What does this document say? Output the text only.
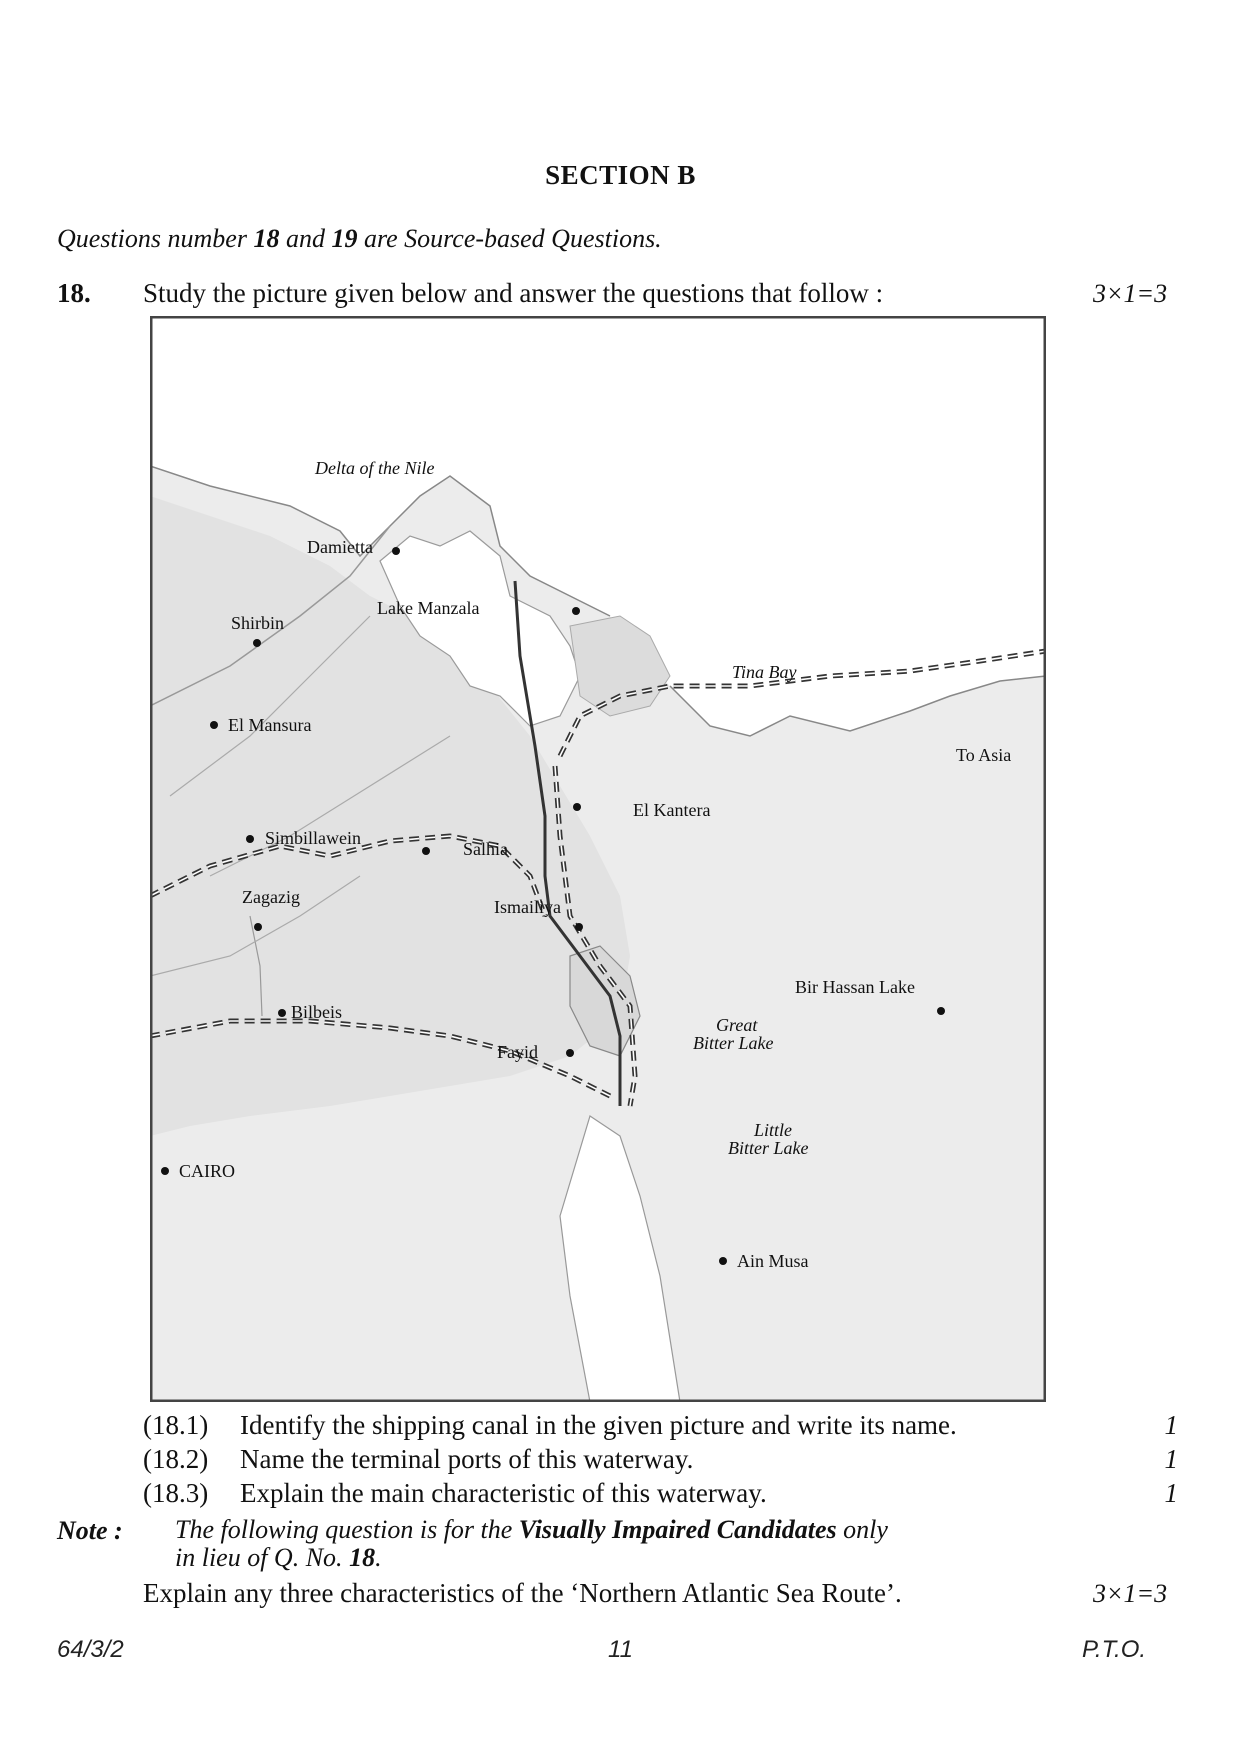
SECTION B
Questions number 18 and 19 are Source-based Questions.
18. Study the picture given below and answer the questions that follow :	3×1=3
Delta of the Nile
Damietta
Lake Manzala
Shirbin
El Mansura
Tina Bay
To Asia
El Kantera
Simbillawein
Salhia
Zagazig	Ismailiya
Bir Hassan Lake
Bilbeis
Great
Bitter Lake
Fayid
Little
Bitter Lake
CAIRO
Ain Musa
(18.1) Identify the shipping canal in the given picture and write its name.	1
(18.2) Name the terminal ports of this waterway.	1
(18.3) Explain the main characteristic of this waterway.	1
Note : The following question is for the Visually Impaired Candidates only
in lieu of Q. No. 18.
Explain any three characteristics of the ‘Northern Atlantic Sea Route’.	3×1=3
64/3/2	11	P.T.O.
